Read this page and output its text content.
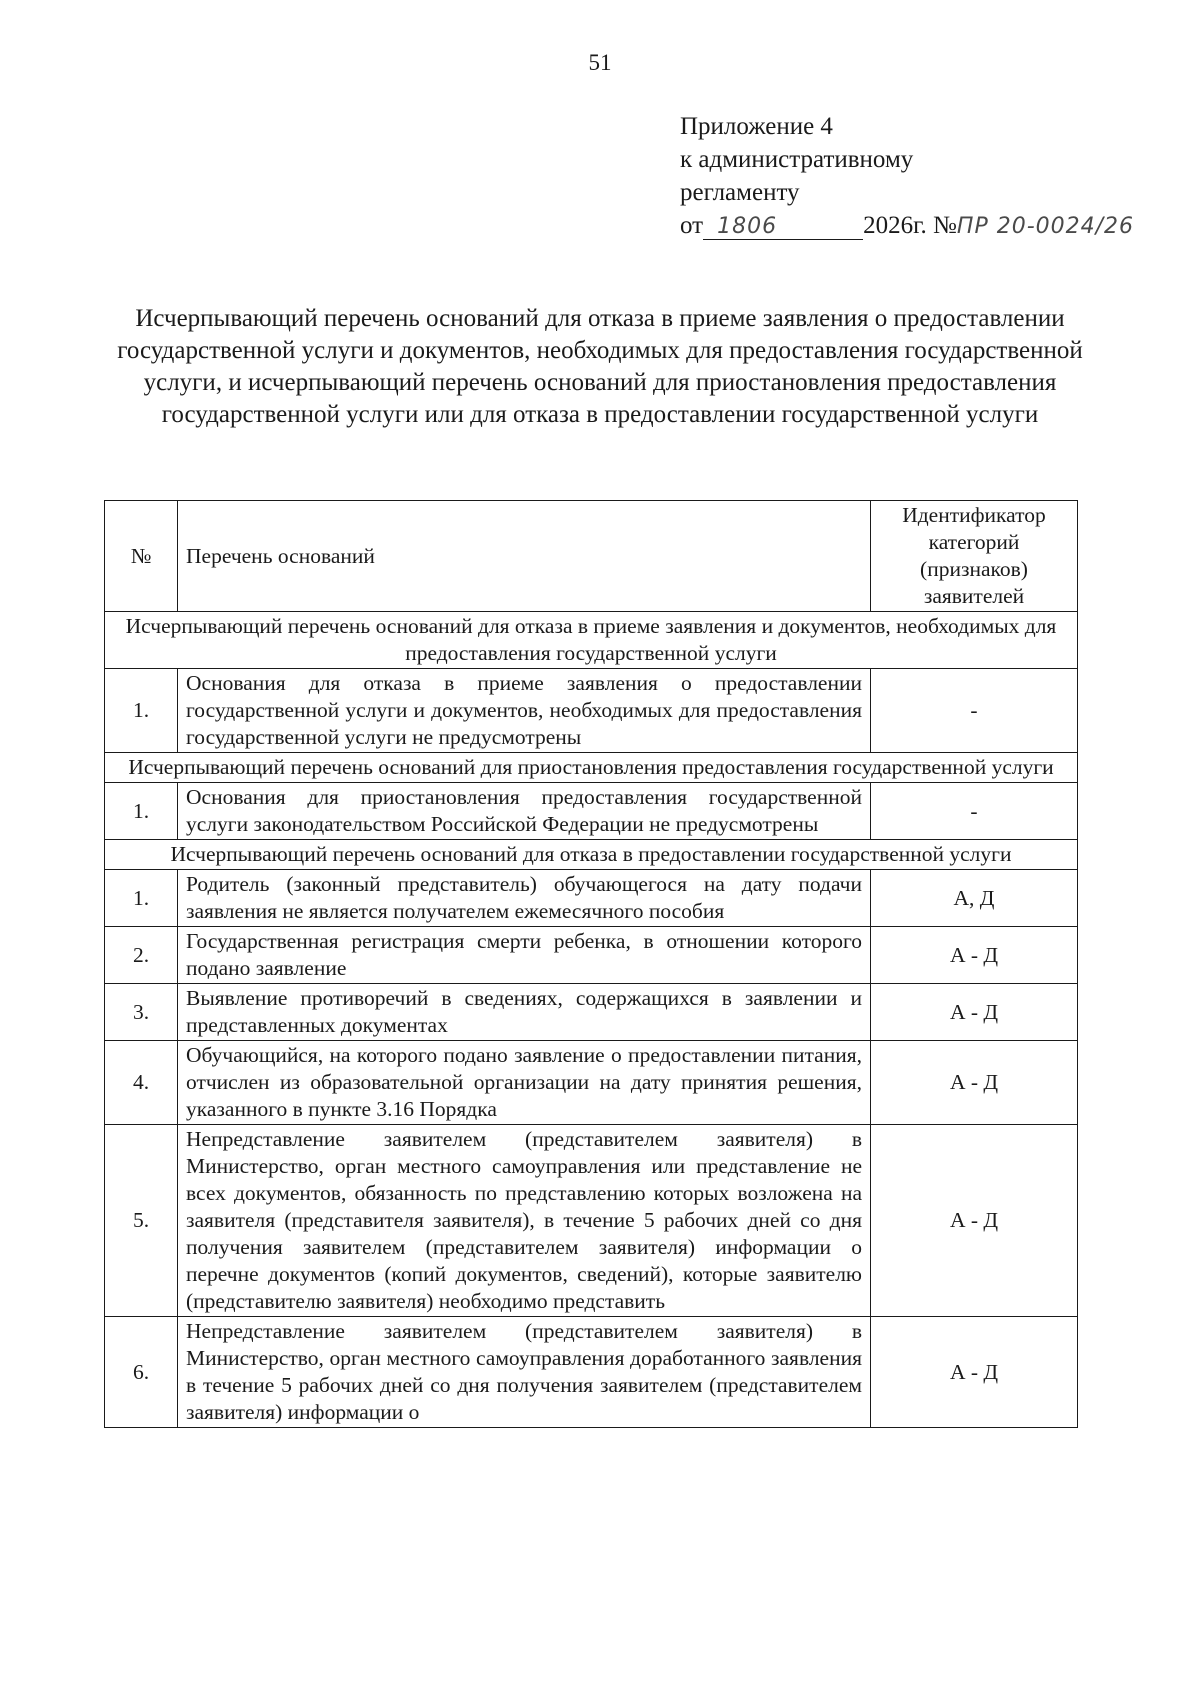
51
Приложение 4
к административному
регламенту
от 1806	2026г. №ПР 20-0024/26
Исчерпывающий перечень оснований для отказа в приеме заявления о предоставлении государственной услуги и документов, необходимых для предоставления государственной услуги, и исчерпывающий перечень оснований для приостановления предоставления государственной услуги или для отказа в предоставлении государственной услуги
№	Перечень оснований	Идентификатор категорий (признаков) заявителей
Исчерпывающий перечень оснований для отказа в приеме заявления и документов, необходимых для предоставления государственной услуги		
1.	Основания для отказа в приеме заявления о предоставлении государственной услуги и документов, необходимых для предоставления государственной услуги не предусмотрены	-
Исчерпывающий перечень оснований для приостановления предоставления государственной услуги		
1.	Основания для приостановления предоставления государственной услуги законодательством Российской Федерации не предусмотрены	-
Исчерпывающий перечень оснований для отказа в предоставлении государственной услуги		
1.	Родитель (законный представитель) обучающегося на дату подачи заявления не является получателем ежемесячного пособия	А, Д
2.	Государственная регистрация смерти ребенка, в отношении которого подано заявление	А - Д
3.	Выявление противоречий в сведениях, содержащихся в заявлении и представленных документах	А - Д
4.	Обучающийся, на которого подано заявление о предоставлении питания, отчислен из образовательной организации на дату принятия решения, указанного в пункте 3.16 Порядка	А - Д
5.	Непредставление заявителем (представителем заявителя) в Министерство, орган местного самоуправления или представление не всех документов, обязанность по представлению которых возложена на заявителя (представителя заявителя), в течение 5 рабочих дней со дня получения заявителем (представителем заявителя) информации о перечне документов (копий документов, сведений), которые заявителю (представителю заявителя) необходимо представить	А - Д
6.	Непредставление заявителем (представителем заявителя) в Министерство, орган местного самоуправления доработанного заявления в течение 5 рабочих дней со дня получения заявителем (представителем заявителя) информации о	А - Д
